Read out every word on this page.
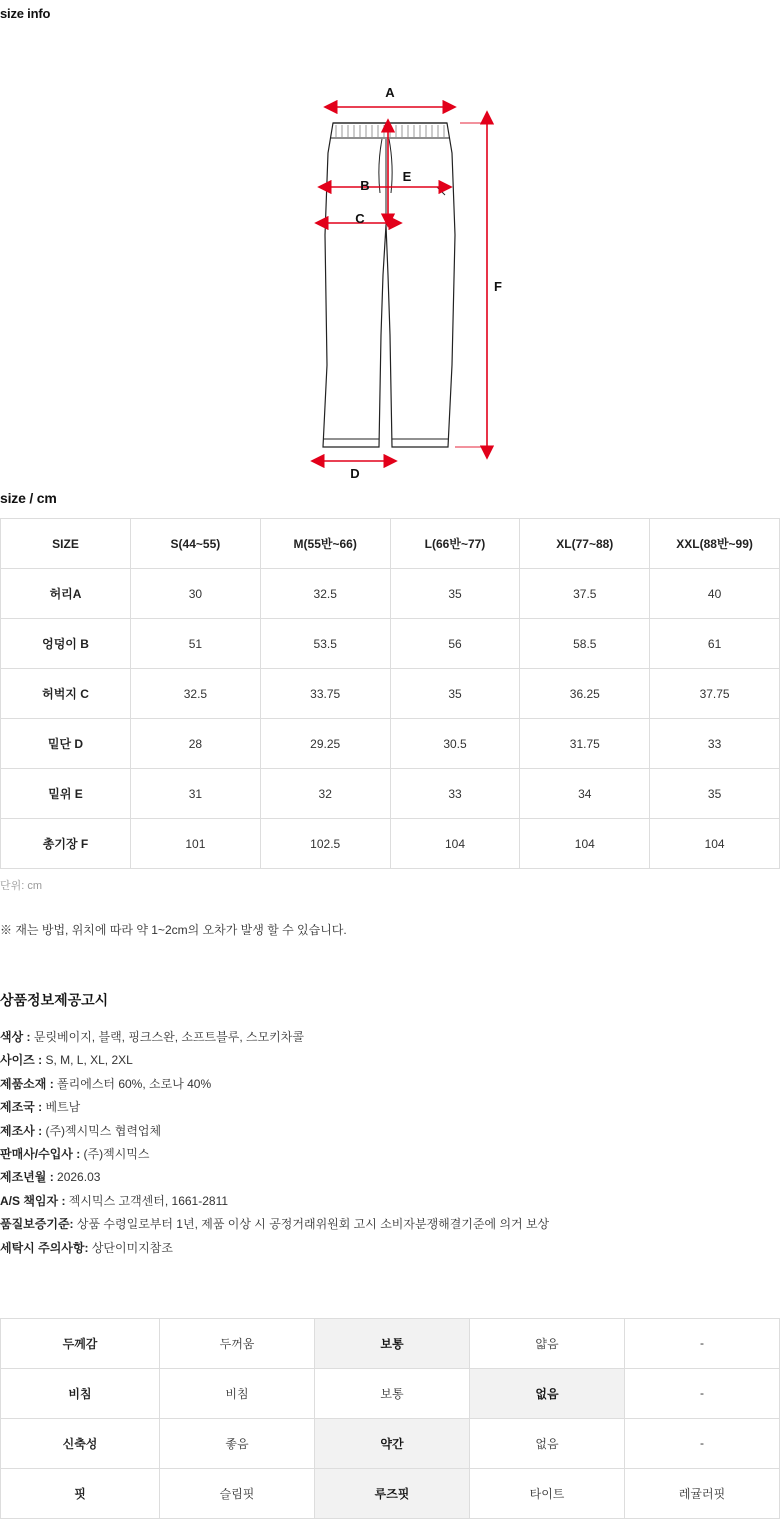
size info
A
B
C
E
F
D
size / cm
SIZE	S(44~55)	M(55반~66)	L(66반~77)	XL(77~88)	XXL(88반~99)
허리A	30	32.5	35	37.5	40
엉덩이 B	51	53.5	56	58.5	61
허벅지 C	32.5	33.75	35	36.25	37.75
밑단 D	28	29.25	30.5	31.75	33
밑위 E	31	32	33	34	35
총기장 F	101	102.5	104	104	104
단위: cm
※ 재는 방법, 위치에 따라 약 1~2cm의 오차가 발생 할 수 있습니다.
상품정보제공고시
색상 : 문릿베이지, 블랙, 핑크스완, 소프트블루, 스모키차콜
사이즈 : S, M, L, XL, 2XL
제품소재 : 폴리에스터 60%, 소로나 40%
제조국 : 베트남
제조사 : (주)젝시믹스 협력업체
판매사/수입사 : (주)젝시믹스
제조년월 : 2026.03
A/S 책임자 : 젝시믹스 고객센터, 1661-2811
품질보증기준: 상품 수령일로부터 1년, 제품 이상 시 공정거래위원회 고시 소비자분쟁해결기준에 의거 보상
세탁시 주의사항: 상단이미지참조
두께감	두꺼움	보통	얇음	-
비침	비침	보통	없음	-
신축성	좋음	약간	없음	-
핏	슬림핏	루즈핏	타이트	레귤러핏
